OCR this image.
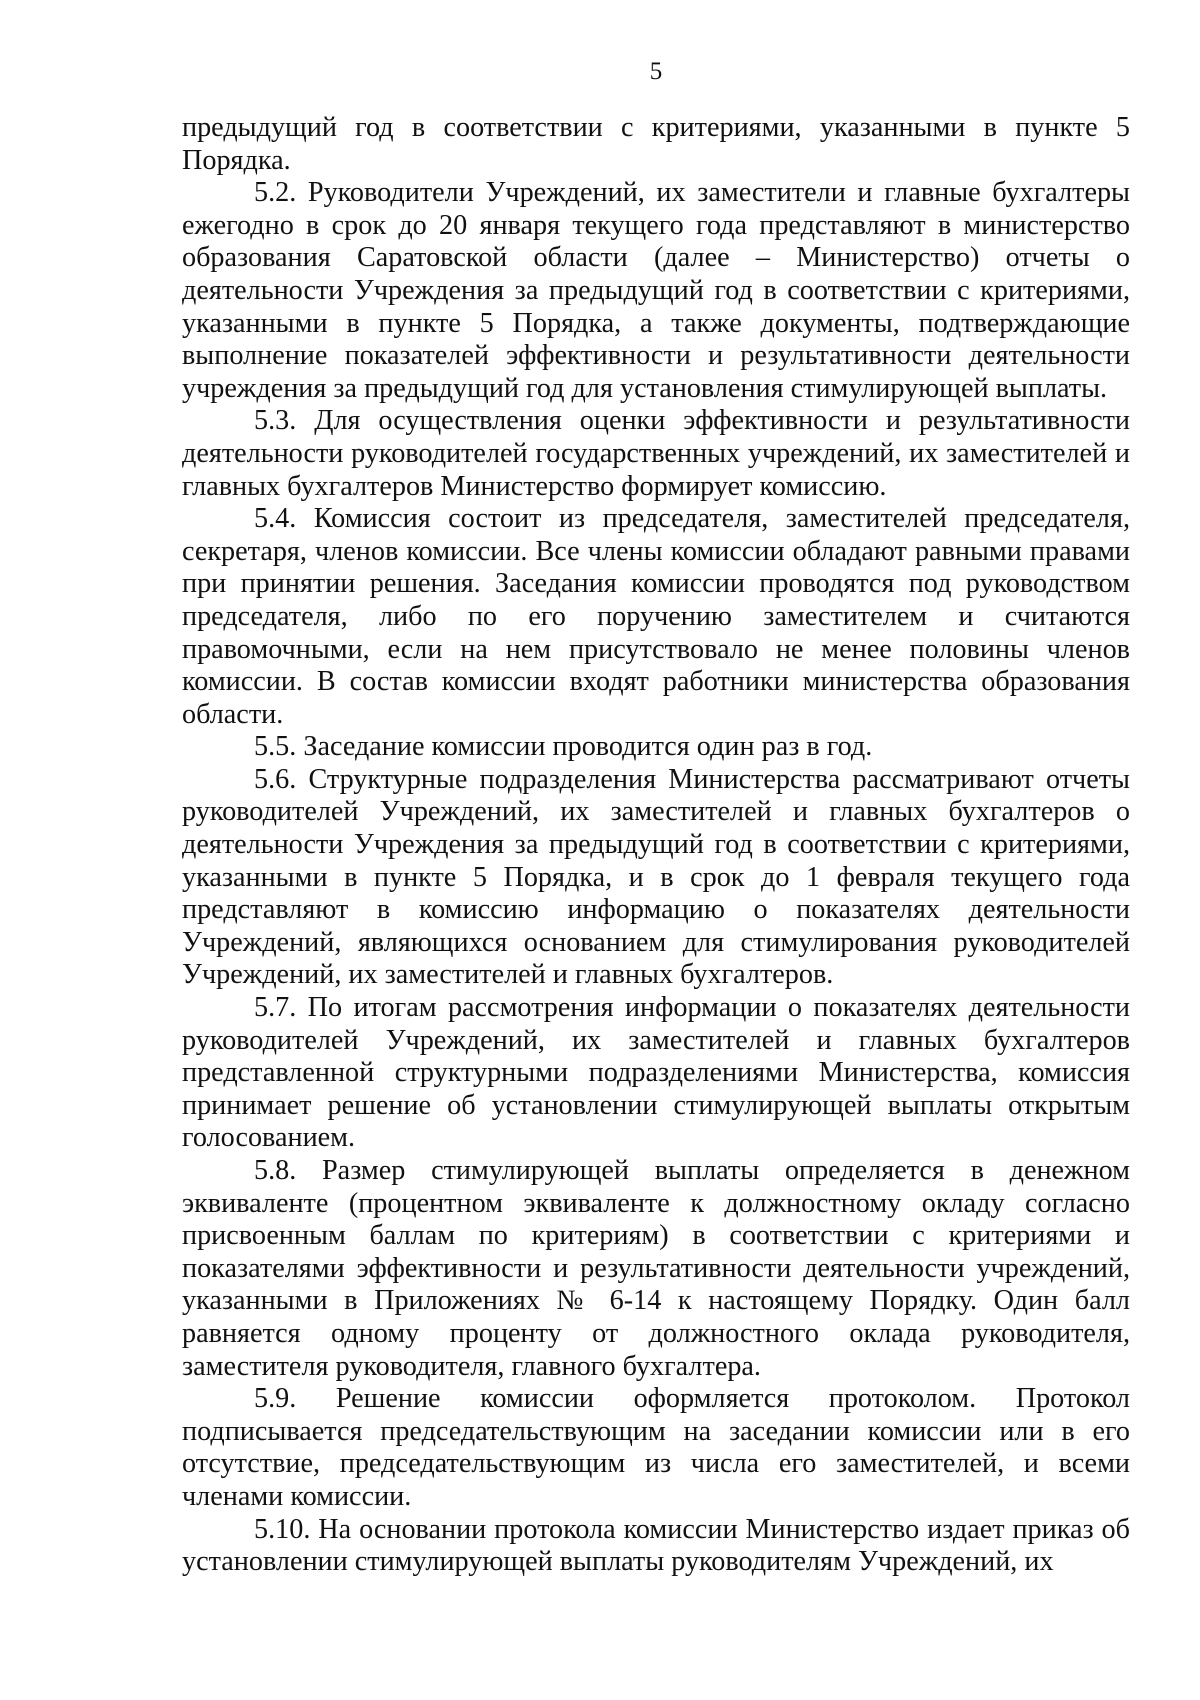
5

предыдущий год в соответствии с критериями, указанными в пункте 5 Порядка.

5.2. Руководители Учреждений, их заместители и главные бухгалтеры ежегодно в срок до 20 января текущего года представляют в министерство образования Саратовской области (далее – Министерство) отчеты о деятельности Учреждения за предыдущий год в соответствии с критериями, указанными в пункте 5 Порядка, а также документы, подтверждающие выполнение показателей эффективности и результативности деятельности учреждения за предыдущий год для установления стимулирующей выплаты.

5.3. Для осуществления оценки эффективности и результативности деятельности руководителей государственных учреждений, их заместителей и главных бухгалтеров Министерство формирует комиссию.

5.4. Комиссия состоит из председателя, заместителей председателя, секретаря, членов комиссии. Все члены комиссии обладают равными правами при принятии решения. Заседания комиссии проводятся под руководством председателя, либо по его поручению заместителем и считаются правомочными, если на нем присутствовало не менее половины членов комиссии. В состав комиссии входят работники министерства образования области.

5.5. Заседание комиссии проводится один раз в год.

5.6. Структурные подразделения Министерства рассматривают отчеты руководителей Учреждений, их заместителей и главных бухгалтеров о деятельности Учреждения за предыдущий год в соответствии с критериями, указанными в пункте 5 Порядка, и в срок до 1 февраля текущего года представляют в комиссию информацию о показателях деятельности Учреждений, являющихся основанием для стимулирования руководителей Учреждений, их заместителей и главных бухгалтеров.

5.7. По итогам рассмотрения информации о показателях деятельности руководителей Учреждений, их заместителей и главных бухгалтеров представленной структурными подразделениями Министерства, комиссия принимает решение об установлении стимулирующей выплаты открытым голосованием.

5.8. Размер стимулирующей выплаты определяется в денежном эквиваленте (процентном эквиваленте к должностному окладу согласно присвоенным баллам по критериям) в соответствии с критериями и показателями эффективности и результативности деятельности учреждений, указанными в Приложениях № 6-14 к настоящему Порядку. Один балл равняется одному проценту от должностного оклада руководителя, заместителя руководителя, главного бухгалтера.

5.9. Решение комиссии оформляется протоколом. Протокол подписывается председательствующим на заседании комиссии или в его отсутствие, председательствующим из числа его заместителей, и всеми членами комиссии.

5.10. На основании протокола комиссии Министерство издает приказ об установлении стимулирующей выплаты руководителям Учреждений, их
